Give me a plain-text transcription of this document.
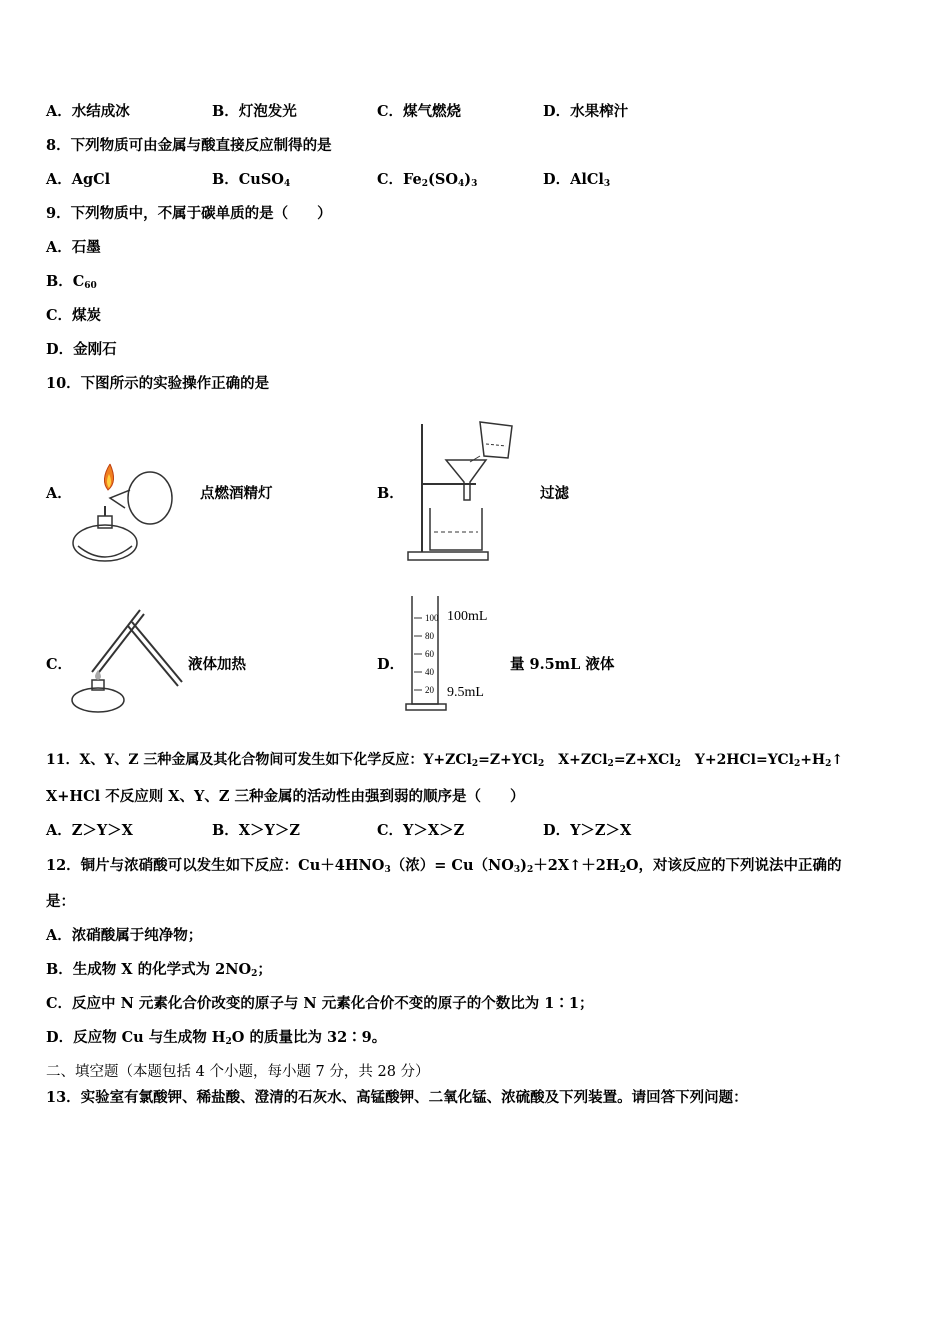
A．水结成冰	B．灯泡发光	C．煤气燃烧	D．水果榨汁
8．下列物质可由金属与酸直接反应制得的是
A．AgCl	B．CuSO$_4$	C．$Fe_2(SO_4)_3$	D．AlCl$_3$
9．下列物质中，不属于碳单质的是（　　）
A．石墨
B．$C_{60}$
C．煤炭
D．金刚石
10．下图所示的实验操作正确的是
A．	点燃酒精灯	B．	过滤
C．	液体加热	D．
100
80
60
40
20
100mL
9.5mL
量 9.5mL 液体
11．X、Y、Z 三种金属及其化合物间可发生如下化学反应：Y+ZCl$_2$=Z+YCl$_2$　X+ZCl$_2$=Z+XCl$_2$　$Y+2HCl=YCl_2+H_2↑$
X+HCl 不反应则 X、Y、Z 三种金属的活动性由强到弱的顺序是（　　）
A．Z＞Y＞X	B．X＞Y＞Z	C．Y＞X＞Z	D．Y＞Z＞X
12．铜片与浓硝酸可以发生如下反应：$Cu+4HNO_3$（浓）= $Cu(NO_3)_2+2X↑+2H_2O$，对该反应的下列说法中正确的
是：
A．浓硝酸属于纯净物；
B．生成物 X 的化学式为 $2NO_2$；
C．反应中 N 元素化合价改变的原子与 N 元素化合价不变的原子的个数比为 1∶1；
D．反应物 Cu 与生成物 $H_2O$ 的质量比为 32∶9。
二、填空题（本题包括 4 个小题，每小题 7 分，共 28 分）
13．实验室有氯酸钾、稀盐酸、澄清的石灰水、高锰酸钾、二氧化锰、浓硫酸及下列装置。请回答下列问题：
